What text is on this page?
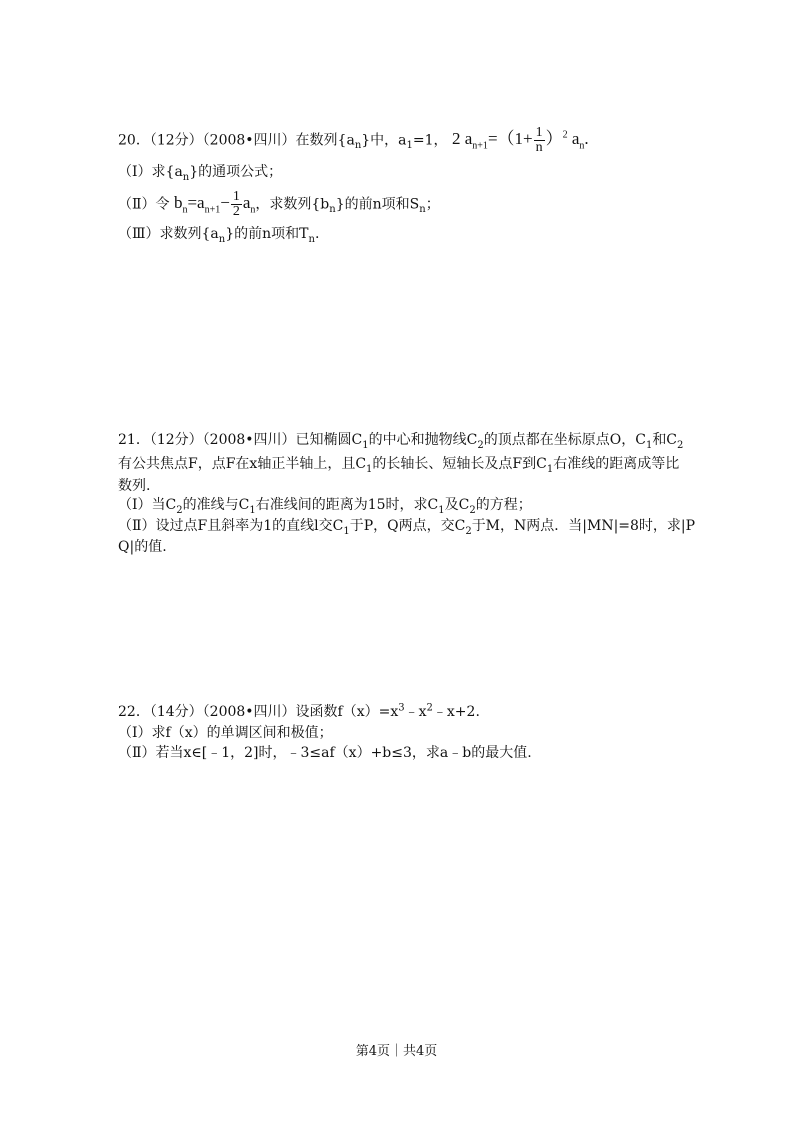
20．（12分）（2008•四川）在数列$\{a_n\}$中，$a_1=1$， 2 $a_{n+1}=(1+ \frac{1}{n} )^2$ $a_n$.
（Ⅰ）求$\{a_n\}$的通项公式；
（Ⅱ）令 $b_n=a_{n+1}- \frac{1}{2} a_n$，求数列$\{b_n\}$的前n项和$S_n$；
（Ⅲ）求数列$\{a_n\}$的前n项和$T_n$.
21．（12分）（2008•四川）已知椭圆$C_1$的中心和抛物线$C_2$的顶点都在坐标原点O，$C_1$和$C_2$
有公共焦点F，点F在x轴正半轴上，且$C_1$的长轴长、短轴长及点F到$C_1$右准线的距离成等比
数列.
（Ⅰ）当$C_2$的准线与$C_1$右准线间的距离为15时，求$C_1$及$C_2$的方程；
（Ⅱ）设过点F且斜率为1的直线l交$C_1$于P，Q两点，交$C_2$于M，N两点．当|MN|=8时，求|P
Q|的值.
22．（14分）（2008•四川）设函数$f(x)=x^3﹣x^2﹣x+2$.
（Ⅰ）求f（x）的单调区间和极值；
（Ⅱ）若当x∈[﹣1，2]时，﹣3≤af（x）+b≤3，求a﹣b的最大值.
第4页｜共4页
